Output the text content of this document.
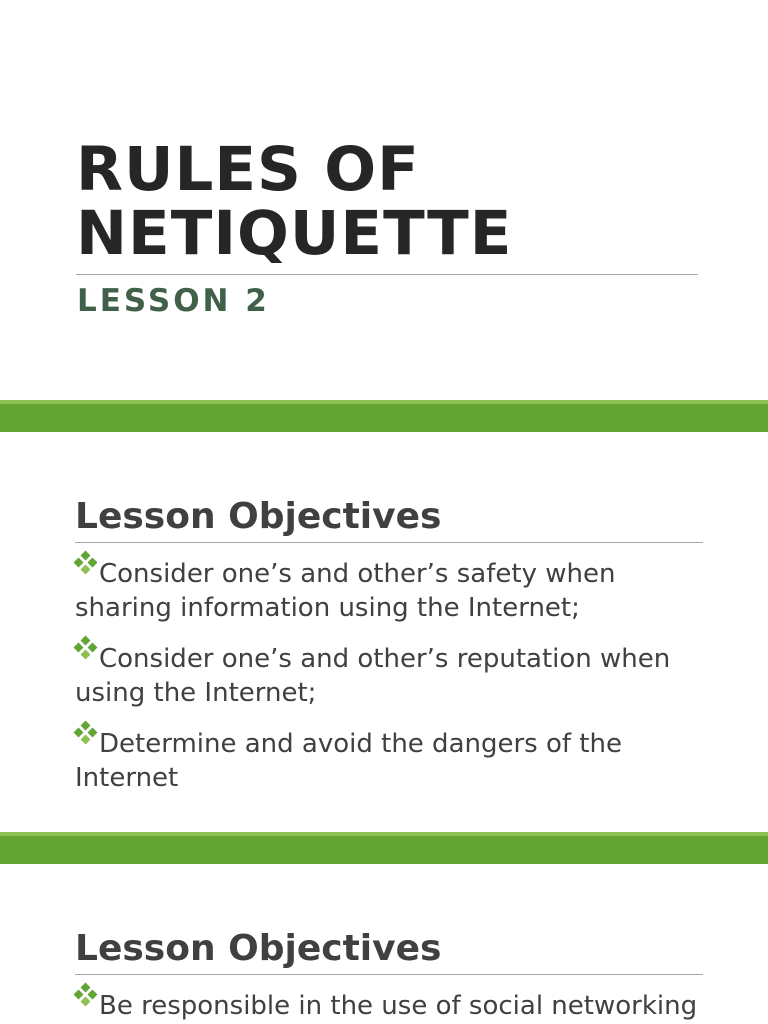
RULES OF
NETIQUETTE
LESSON 2
Lesson Objectives
Consider one’s and other’s safety when sharing information using the Internet;
Consider one’s and other’s reputation when using the Internet;
Determine and avoid the dangers of the Internet
Lesson Objectives
Be responsible in the use of social networking
